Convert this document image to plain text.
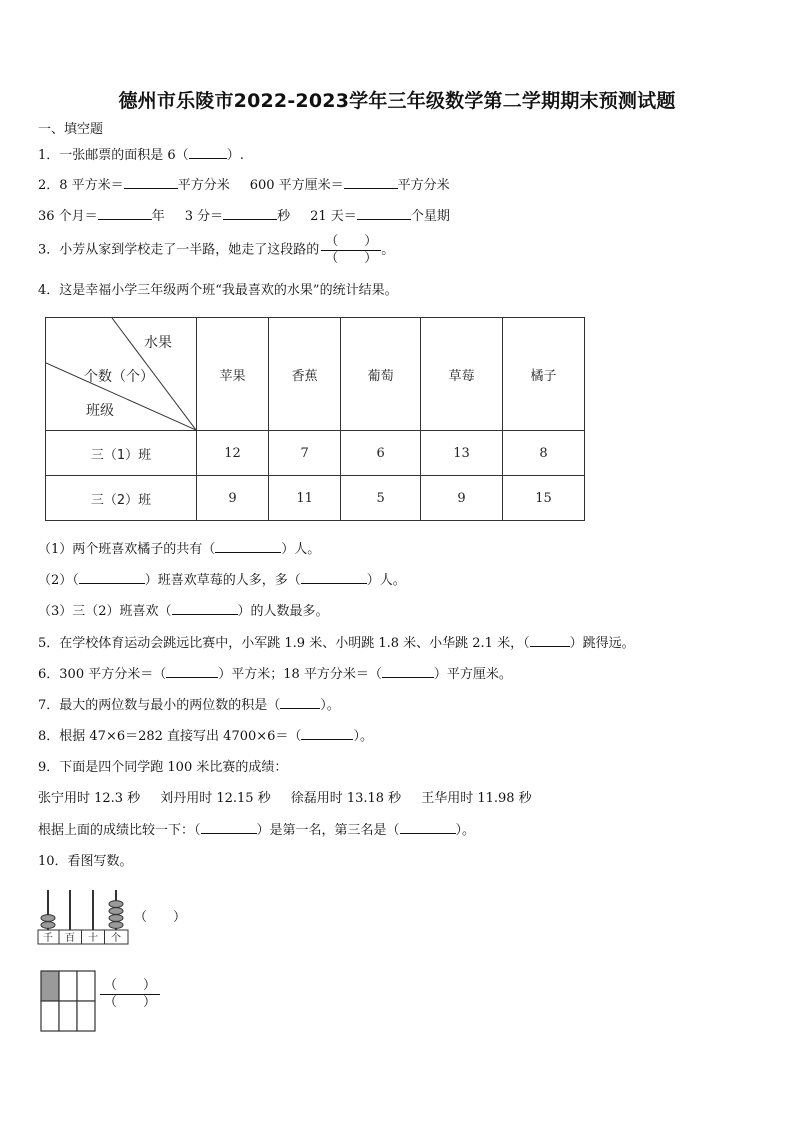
德州市乐陵市2022-2023学年三年级数学第二学期期末预测试题
一、填空题
1．一张邮票的面积是 6（	）.
2．8 平方米＝	平方分米 600 平方厘米＝	平方分米
36 个月＝	年 3 分＝	秒 21 天＝	个星期
3．小芳从家到学校走了一半路，她走了这段路的 $\frac{( )}{( )}$ 。
4．这是幸福小学三年级两个班“我最喜欢的水果”的统计结果。
水果
个数（个）
班级	苹果	香蕉	葡萄	草莓	橘子
三（1）班	12	7	6	13	8
三（2）班	9	11	5	9	15
（1）两个班喜欢橘子的共有（	）人。
（2）（	）班喜欢草莓的人多，多（	）人。
（3）三（2）班喜欢（	）的人数最多。
5．在学校体育运动会跳远比赛中，小军跳 1.9 米、小明跳 1.8 米、小华跳 2.1 米，（	）跳得远。
6．300 平方分米＝（	）平方米；18 平方分米＝（	）平方厘米。
7．最大的两位数与最小的两位数的积是（	）。
8．根据 47×6＝282 直接写出 4700×6＝（	）。
9．下面是四个同学跑 100 米比赛的成绩：
张宁用时 12.3 秒 刘丹用时 12.15 秒 徐磊用时 13.18 秒 王华用时 11.98 秒
根据上面的成绩比较一下：（	）是第一名，第三名是（	）。
10．看图写数。
千 百 十 个
（　　）
$\frac{( )}{( )}$
